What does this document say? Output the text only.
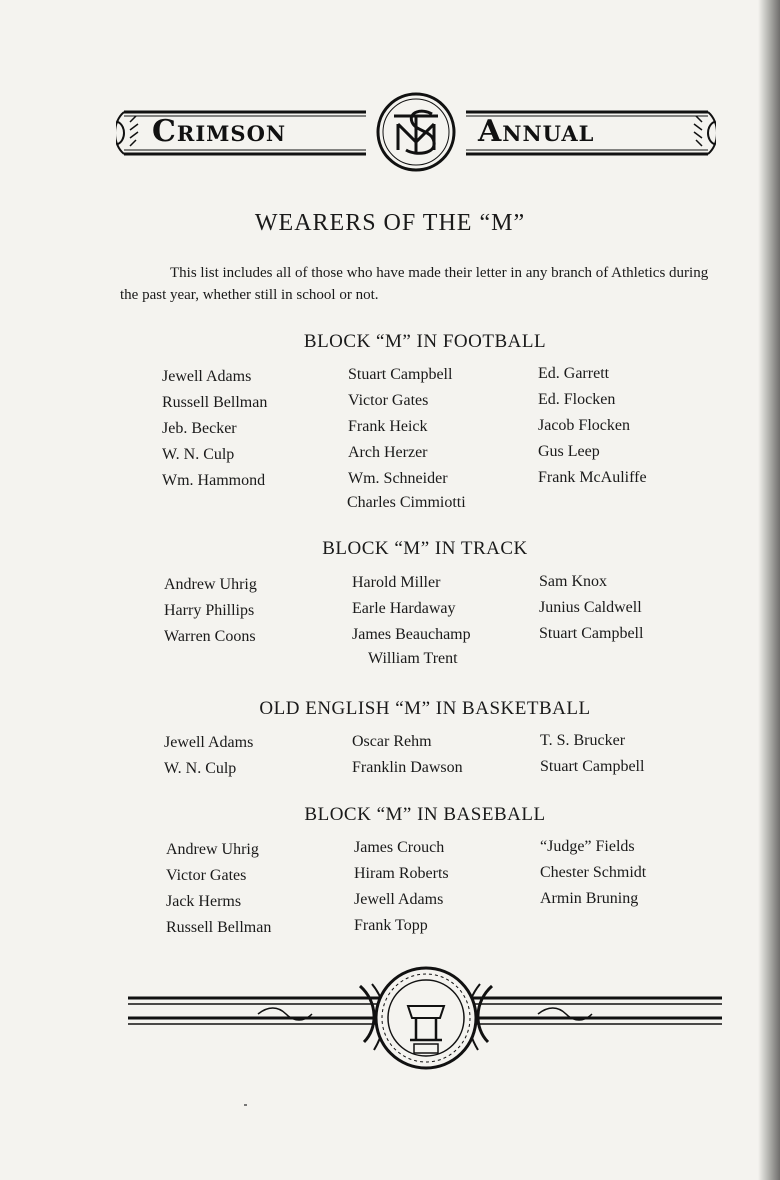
Crimson	Annual
WEARERS OF THE “M”
This list includes all of those who have made their letter in any branch of Athletics during the past year, whether still in school or not.
BLOCK “M” IN FOOTBALL
Jewell Adams
Russell Bellman
Jeb. Becker
W. N. Culp
Wm. Hammond
Stuart Campbell
Victor Gates
Frank Heick
Arch Herzer
Wm. Schneider
Ed. Garrett
Ed. Flocken
Jacob Flocken
Gus Leep
Frank McAuliffe
Charles Cimmiotti
BLOCK “M” IN TRACK
Andrew Uhrig
Harry Phillips
Warren Coons
Harold Miller
Earle Hardaway
James Beauchamp
Sam Knox
Junius Caldwell
Stuart Campbell
William Trent
OLD ENGLISH “M” IN BASKETBALL
Jewell Adams
W. N. Culp
Oscar Rehm
Franklin Dawson
T. S. Brucker
Stuart Campbell
BLOCK “M” IN BASEBALL
Andrew Uhrig
Victor Gates
Jack Herms
Russell Bellman
James Crouch
Hiram Roberts
Jewell Adams
Frank Topp
“Judge” Fields
Chester Schmidt
Armin Bruning
